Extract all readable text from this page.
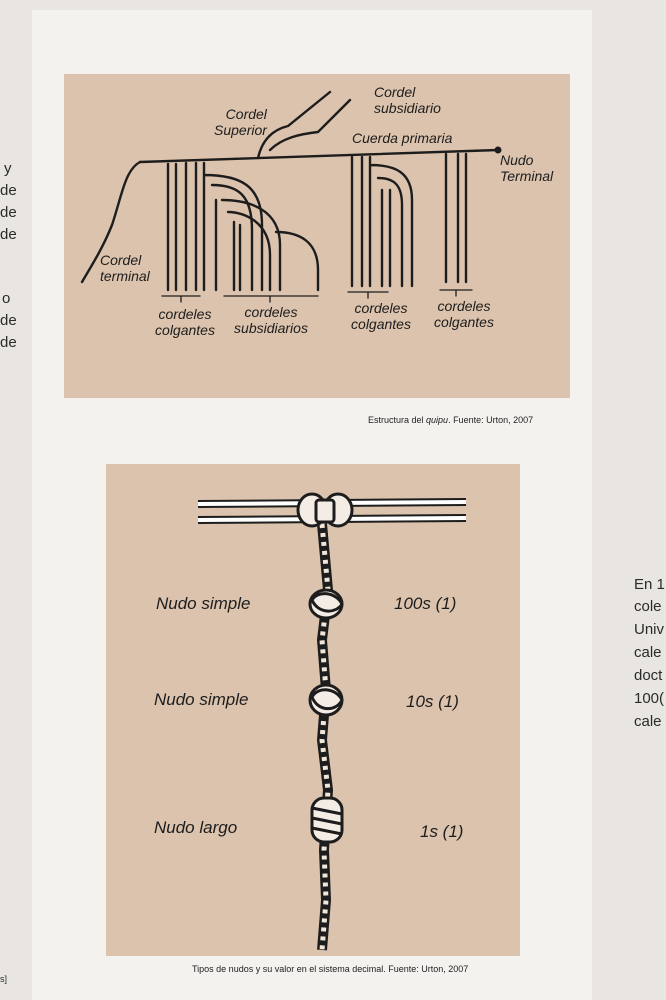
y
de
de
de
o
de
de
s]
En 1
cole
Univ
cale
doct
100(
cale
Cordel
Superior
Cordel
subsidiario
Cuerda primaria
Nudo
Terminal
Cordel
terminal
cordeles
colgantes
cordeles
subsidiarios
cordeles
colgantes
cordeles
colgantes
Estructura del quipu. Fuente: Urton, 2007
Nudo simple	100s (1)
Nudo simple	10s (1)
Nudo largo	1s (1)
Tipos de nudos y su valor en el sistema decimal. Fuente: Urton, 2007
